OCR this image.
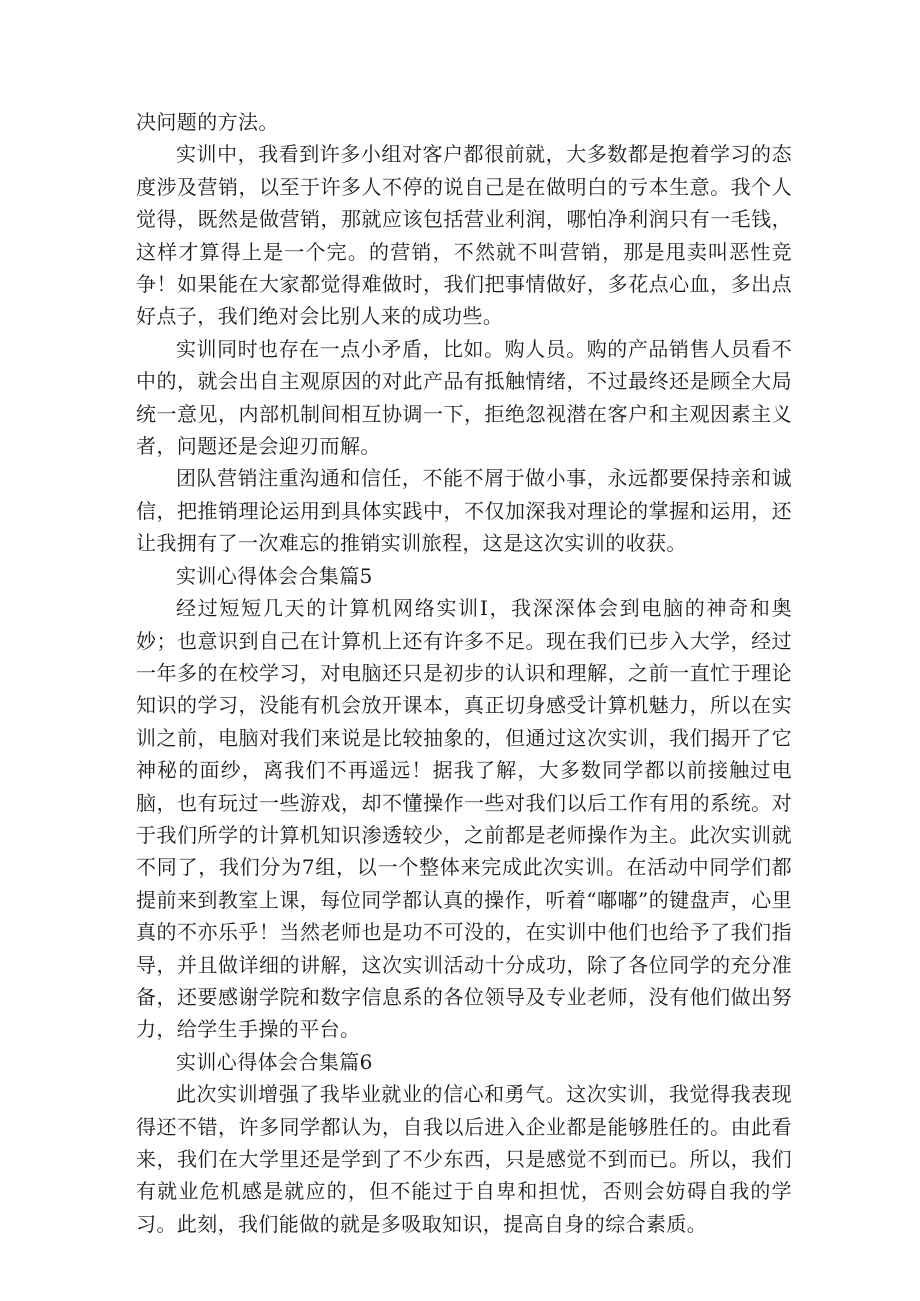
决问题的方法。

实训中，我看到许多小组对客户都很前就，大多数都是抱着学习的态度涉及营销，以至于许多人不停的说自己是在做明白的亏本生意。我个人觉得，既然是做营销，那就应该包括营业利润，哪怕净利润只有一毛钱，这样才算得上是一个完。的营销，不然就不叫营销，那是甩卖叫恶性竞争！如果能在大家都觉得难做时，我们把事情做好，多花点心血，多出点好点子，我们绝对会比别人来的成功些。

实训同时也存在一点小矛盾，比如。购人员。购的产品销售人员看不中的，就会出自主观原因的对此产品有抵触情绪，不过最终还是顾全大局统一意见，内部机制间相互协调一下，拒绝忽视潜在客户和主观因素主义者，问题还是会迎刃而解。

团队营销注重沟通和信任，不能不屑于做小事，永远都要保持亲和诚信，把推销理论运用到具体实践中，不仅加深我对理论的掌握和运用，还让我拥有了一次难忘的推销实训旅程，这是这次实训的收获。

实训心得体会合集篇5

经过短短几天的计算机网络实训I，我深深体会到电脑的神奇和奥妙；也意识到自己在计算机上还有许多不足。现在我们已步入大学，经过一年多的在校学习，对电脑还只是初步的认识和理解，之前一直忙于理论知识的学习，没能有机会放开课本，真正切身感受计算机魅力，所以在实训之前，电脑对我们来说是比较抽象的，但通过这次实训，我们揭开了它神秘的面纱，离我们不再遥远！据我了解，大多数同学都以前接触过电脑，也有玩过一些游戏，却不懂操作一些对我们以后工作有用的系统。对于我们所学的计算机知识渗透较少，之前都是老师操作为主。此次实训就不同了，我们分为7组，以一个整体来完成此次实训。在活动中同学们都提前来到教室上课，每位同学都认真的操作，听着“嘟嘟”的键盘声，心里真的不亦乐乎！当然老师也是功不可没的，在实训中他们也给予了我们指导，并且做详细的讲解，这次实训活动十分成功，除了各位同学的充分准备，还要感谢学院和数字信息系的各位领导及专业老师，没有他们做出努力，给学生手操的平台。

实训心得体会合集篇6

此次实训增强了我毕业就业的信心和勇气。这次实训，我觉得我表现得还不错，许多同学都认为，自我以后进入企业都是能够胜任的。由此看来，我们在大学里还是学到了不少东西，只是感觉不到而已。所以，我们有就业危机感是就应的，但不能过于自卑和担忧，否则会妨碍自我的学习。此刻，我们能做的就是多吸取知识，提高自身的综合素质。
